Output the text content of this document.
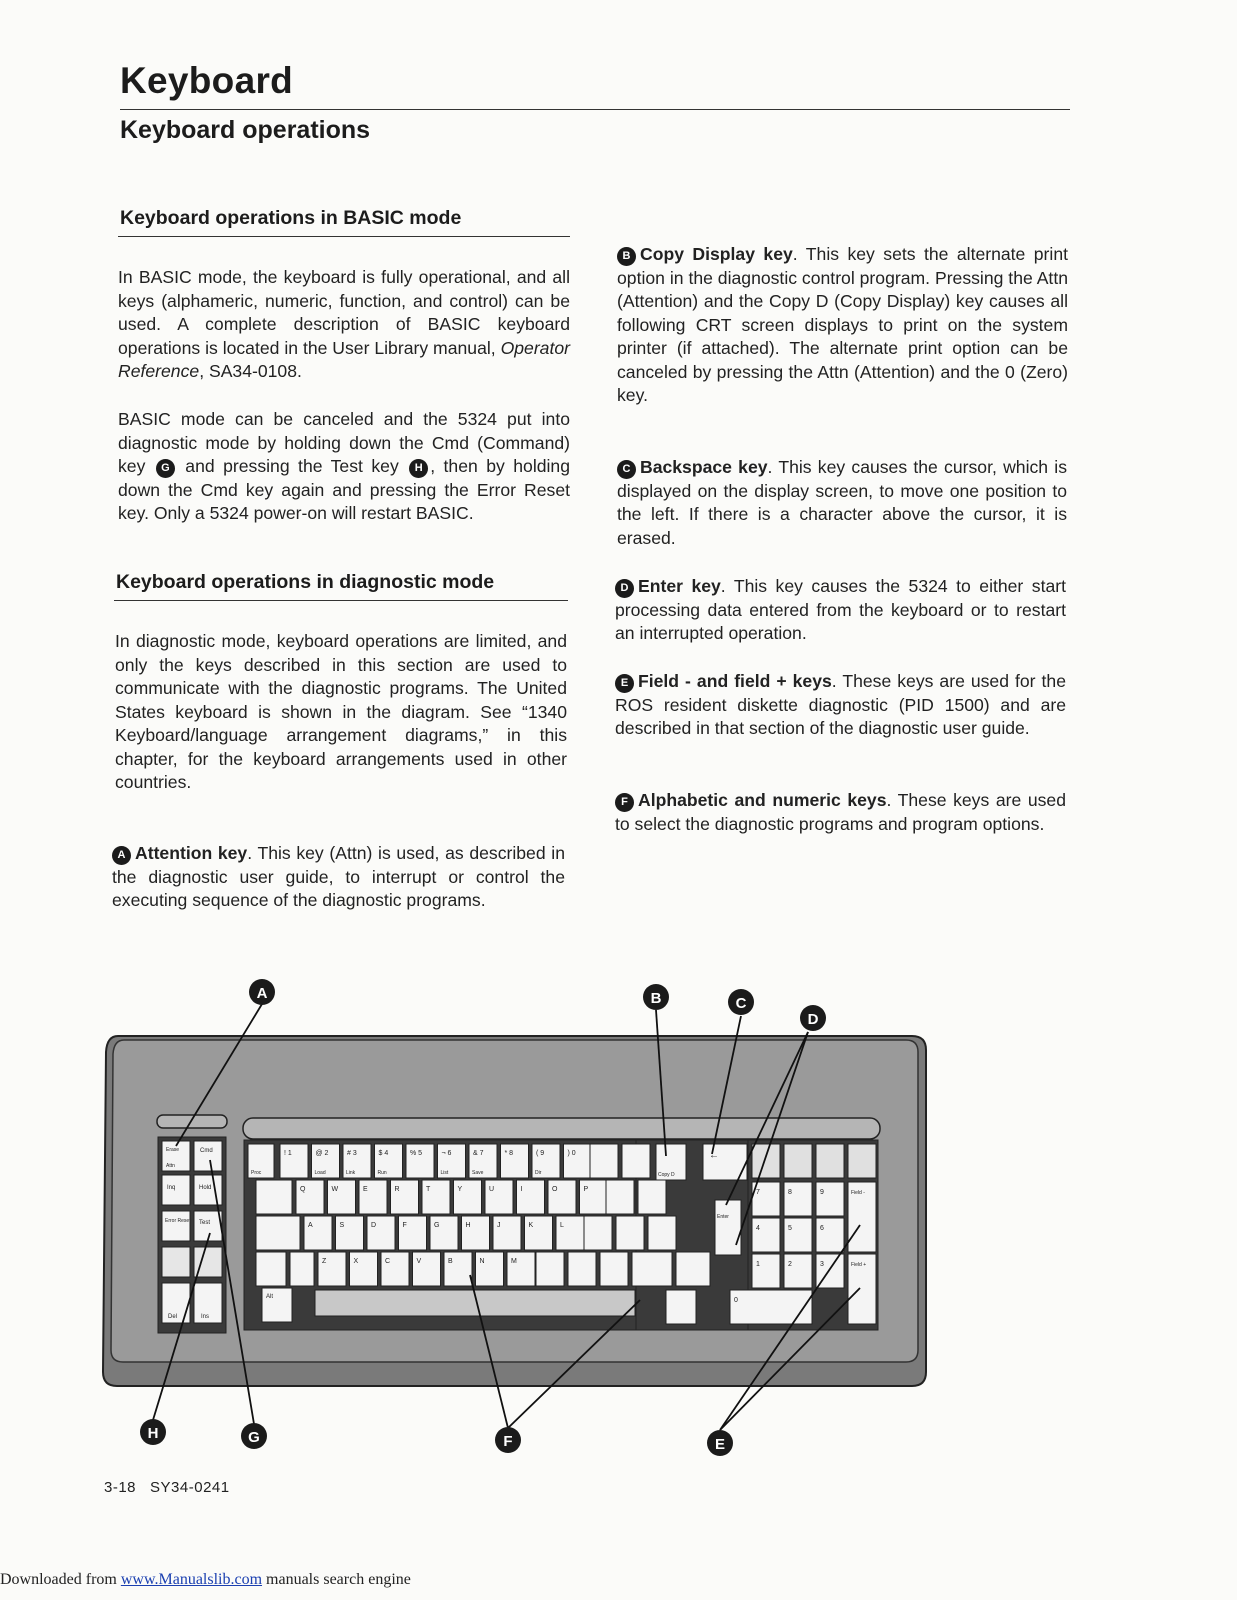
Keyboard
Keyboard operations
Keyboard operations in BASIC mode
In BASIC mode, the keyboard is fully operational, and all keys (alphameric, numeric, function, and control) can be used. A complete description of BASIC keyboard operations is located in the User Library manual, Operator Reference, SA34-0108.
BASIC mode can be canceled and the 5324 put into diagnostic mode by holding down the Cmd (Command) key G and pressing the Test key H , then by holding down the Cmd key again and pressing the Error Reset key. Only a 5324 power-on will restart BASIC.
Keyboard operations in diagnostic mode
In diagnostic mode, keyboard operations are limited, and only the keys described in this section are used to communicate with the diagnostic programs. The United States keyboard is shown in the diagram. See “1340 Keyboard/language arrangement diagrams,” in this chapter, for the keyboard arrangements used in other countries.
A Attention key. This key (Attn) is used, as described in the diagnostic user guide, to interrupt or control the executing sequence of the diagnostic programs.
B Copy Display key. This key sets the alternate print option in the diagnostic control program. Pressing the Attn (Attention) and the Copy D (Copy Display) key causes all following CRT screen displays to print on the system printer (if attached). The alternate print option can be canceled by pressing the Attn (Attention) and the 0 (Zero) key.
C Backspace key. This key causes the cursor, which is displayed on the display screen, to move one position to the left. If there is a character above the cursor, it is erased.
D Enter key. This key causes the 5324 to either start processing data entered from the keyboard or to restart an interrupted operation.
E Field - and field + keys. These keys are used for the ROS resident diskette diagnostic (PID 1500) and are described in that section of the diagnostic user guide.
F Alphabetic and numeric keys. These keys are used to select the diagnostic programs and program options.
Erase
Attn
Cmd
Inq	Hold
Error Reset Test
Del	Ins
Proc
! 1	@ 2
Load
# 3
Link
$ 4
Run
% 5	¬ 6
List
& 7
Save
* 8	( 9
Dir
) 0
Q	W	E	R	T	Y	U	I	O	P
A	S	D	F	G	H	J	K	L
Z	X	C	V	B	N	M
Copy D
←
Enter
7	8	9
4	5	6
1	2	3
0
Field -
Field +
Alt
A	B	C
D
H	G	F	E
3-18 SY34-0241
Downloaded from www.Manualslib.com manuals search engine
